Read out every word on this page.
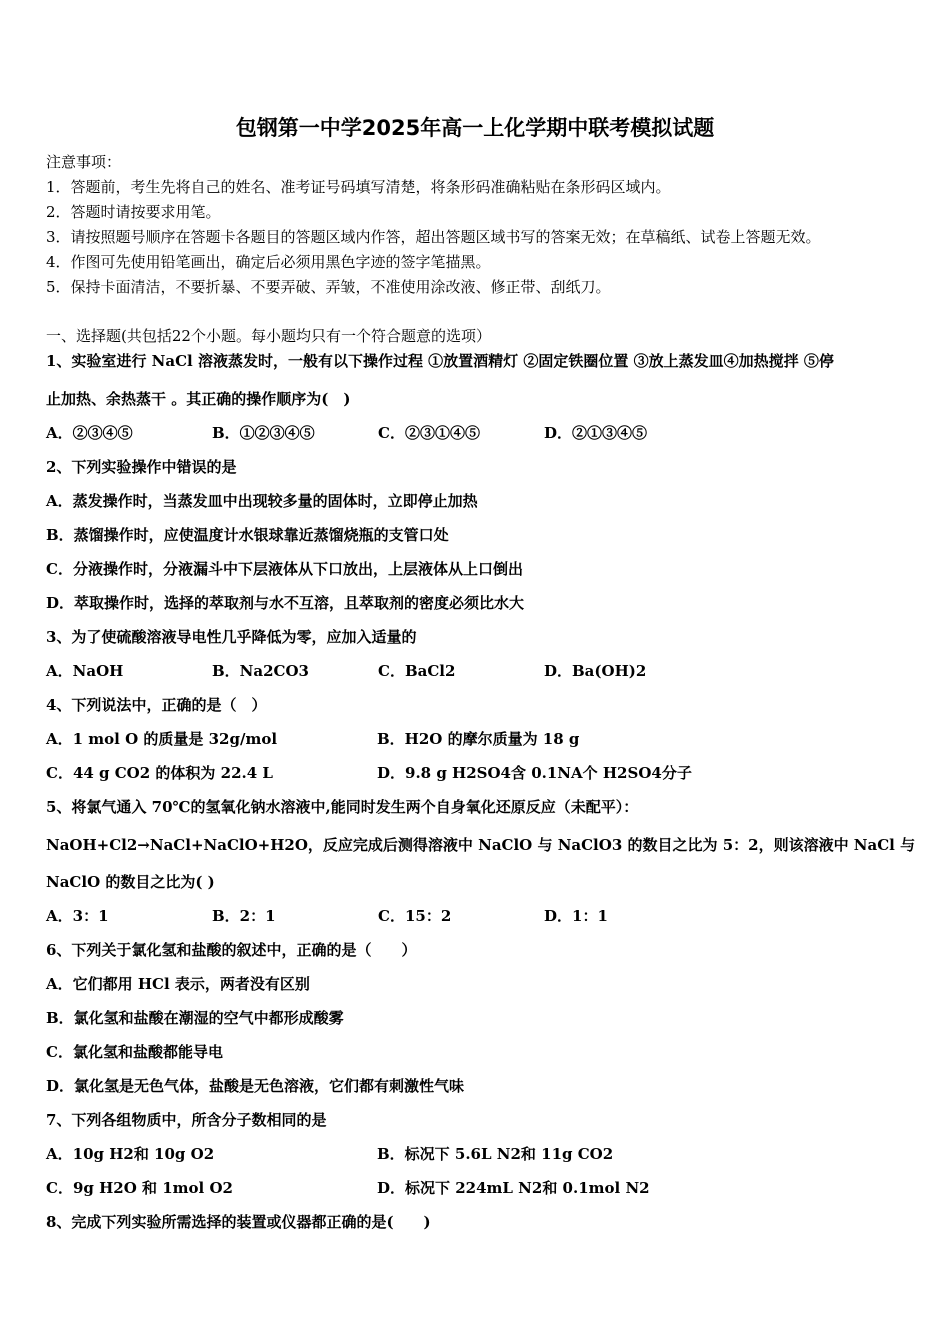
包钢第一中学2025年高一上化学期中联考模拟试题
注意事项：
1．答题前，考生先将自己的姓名、准考证号码填写清楚，将条形码准确粘贴在条形码区域内。
2．答题时请按要求用笔。
3．请按照题号顺序在答题卡各题目的答题区域内作答，超出答题区域书写的答案无效；在草稿纸、试卷上答题无效。
4．作图可先使用铅笔画出，确定后必须用黑色字迹的签字笔描黑。
5．保持卡面清洁，不要折暴、不要弄破、弄皱，不准使用涂改液、修正带、刮纸刀。
一、选择题(共包括22个小题。每小题均只有一个符合题意的选项）
1、实验室进行 NaCl 溶液蒸发时，一般有以下操作过程 ①放置酒精灯 ②固定铁圈位置 ③放上蒸发皿④加热搅拌 ⑤停
止加热、余热蒸干 。其正确的操作顺序为(　)
A．②③④⑤	B．①②③④⑤	C．②③①④⑤	D．②①③④⑤
2、下列实验操作中错误的是
A．蒸发操作时，当蒸发皿中出现较多量的固体时，立即停止加热
B．蒸馏操作时，应使温度计水银球靠近蒸馏烧瓶的支管口处
C．分液操作时，分液漏斗中下层液体从下口放出，上层液体从上口倒出
D．萃取操作时，选择的萃取剂与水不互溶，且萃取剂的密度必须比水大
3、为了使硫酸溶液导电性几乎降低为零，应加入适量的
A．NaOH	B．Na2CO3	C．BaCl2	D．Ba(OH)2
4、下列说法中，正确的是（　）
A．1 mol O 的质量是 32g/mol	B．H2O 的摩尔质量为 18 g
C．44 g CO2 的体积为 22.4 L	D．9.8 g H2SO4含 0.1NA个 H2SO4分子
5、将氯气通入 70℃的氢氧化钠水溶液中,能同时发生两个自身氧化还原反应（未配平）：
NaOH+Cl2→NaCl+NaClO+H2O，反应完成后测得溶液中 NaClO 与 NaClO3 的数目之比为 5：2，则该溶液中 NaCl 与
NaClO 的数目之比为( )
A．3：1	B．2：1	C．15：2	D．1：1
6、下列关于氯化氢和盐酸的叙述中，正确的是（　　）
A．它们都用 HCl 表示，两者没有区别
B．氯化氢和盐酸在潮湿的空气中都形成酸雾
C．氯化氢和盐酸都能导电
D．氯化氢是无色气体，盐酸是无色溶液，它们都有刺激性气味
7、下列各组物质中，所含分子数相同的是
A．10g H2和 10g O2	B．标况下 5.6L N2和 11g CO2
C．9g H2O 和 1mol O2	D．标况下 224mL N2和 0.1mol N2
8、完成下列实验所需选择的装置或仪器都正确的是(　　)
